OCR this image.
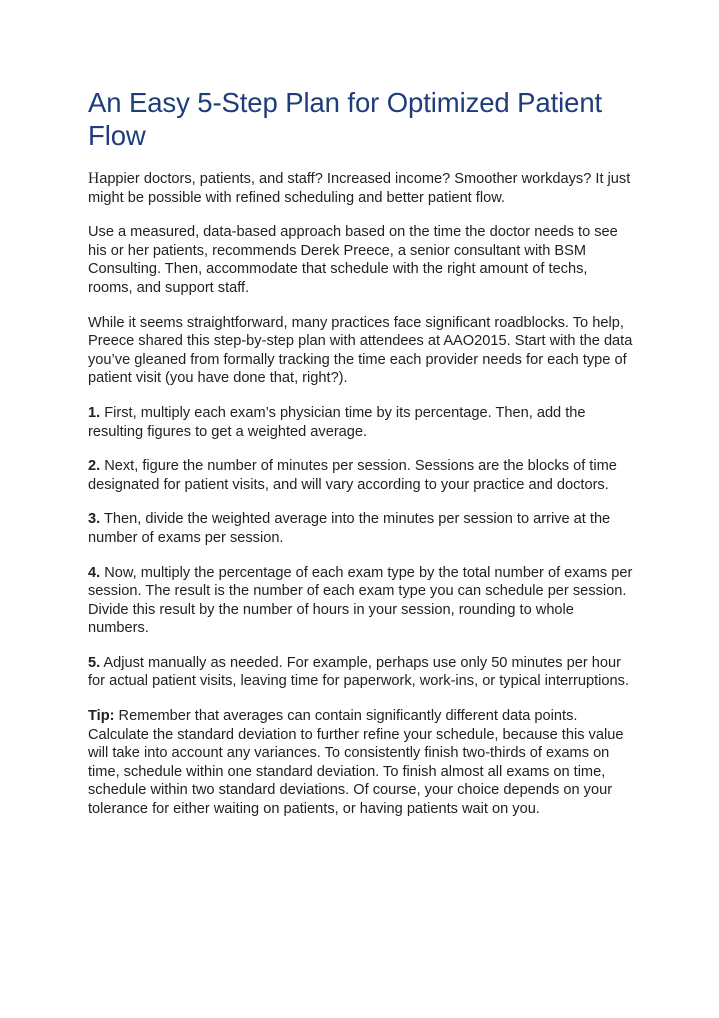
An Easy 5-Step Plan for Optimized Patient Flow

Happier doctors, patients, and staff? Increased income? Smoother workdays? It just might be possible with refined scheduling and better patient flow.

Use a measured, data-based approach based on the time the doctor needs to see his or her patients, recommends Derek Preece, a senior consultant with BSM Consulting. Then, accommodate that schedule with the right amount of techs, rooms, and support staff.

While it seems straightforward, many practices face significant roadblocks. To help, Preece shared this step-by-step plan with attendees at AAO2015. Start with the data you’ve gleaned from formally tracking the time each provider needs for each type of patient visit (you have done that, right?).

1. First, multiply each exam’s physician time by its percentage. Then, add the resulting figures to get a weighted average.

2. Next, figure the number of minutes per session. Sessions are the blocks of time designated for patient visits, and will vary according to your practice and doctors.

3. Then, divide the weighted average into the minutes per session to arrive at the number of exams per session.

4. Now, multiply the percentage of each exam type by the total number of exams per session. The result is the number of each exam type you can schedule per session. Divide this result by the number of hours in your session, rounding to whole numbers.

5. Adjust manually as needed. For example, perhaps use only 50 minutes per hour for actual patient visits, leaving time for paperwork, work-ins, or typical interruptions.

Tip: Remember that averages can contain significantly different data points. Calculate the standard deviation to further refine your schedule, because this value will take into account any variances. To consistently finish two-thirds of exams on time, schedule within one standard deviation. To finish almost all exams on time, schedule within two standard deviations. Of course, your choice depends on your tolerance for either waiting on patients, or having patients wait on you.
